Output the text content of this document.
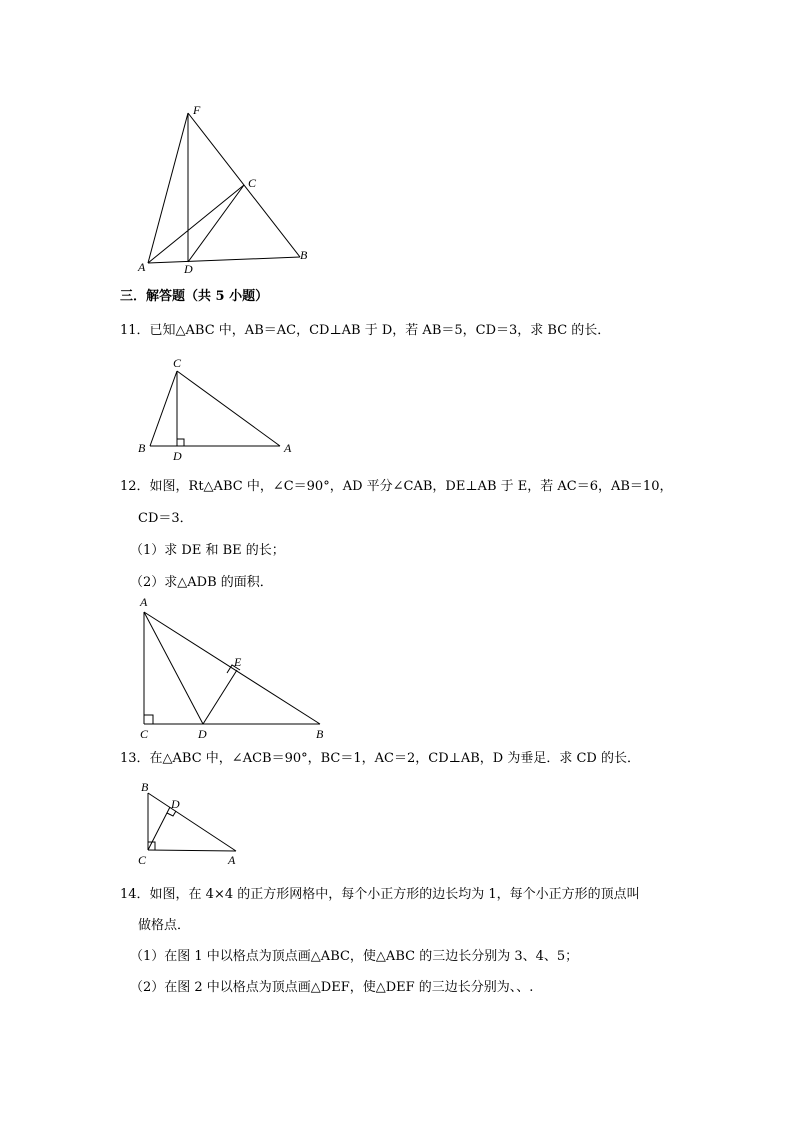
F
C
A	D
B
三．解答题（共 5 小题）
11．已知△ABC 中，AB＝AC，CD⊥AB 于 D，若 AB＝5，CD＝3，求 BC 的长．
C
B
D
A
12．如图，Rt△ABC 中，∠C＝90°，AD 平分∠CAB，DE⊥AB 于 E，若 AC＝6，AB＝10，
CD＝3．
（1）求 DE 和 BE 的长；
（2）求△ADB 的面积．
A
E
C	D	B
13．在△ABC 中，∠ACB＝90°，BC＝1，AC＝2，CD⊥AB，D 为垂足．求 CD 的长．
B
D
C	A
14．如图，在 4×4 的正方形网格中，每个小正方形的边长均为 1，每个小正方形的顶点叫
做格点．
（1）在图 1 中以格点为顶点画△ABC，使△ABC 的三边长分别为 3、4、5；
（2）在图 2 中以格点为顶点画△DEF，使△DEF 的三边长分别为、、.
